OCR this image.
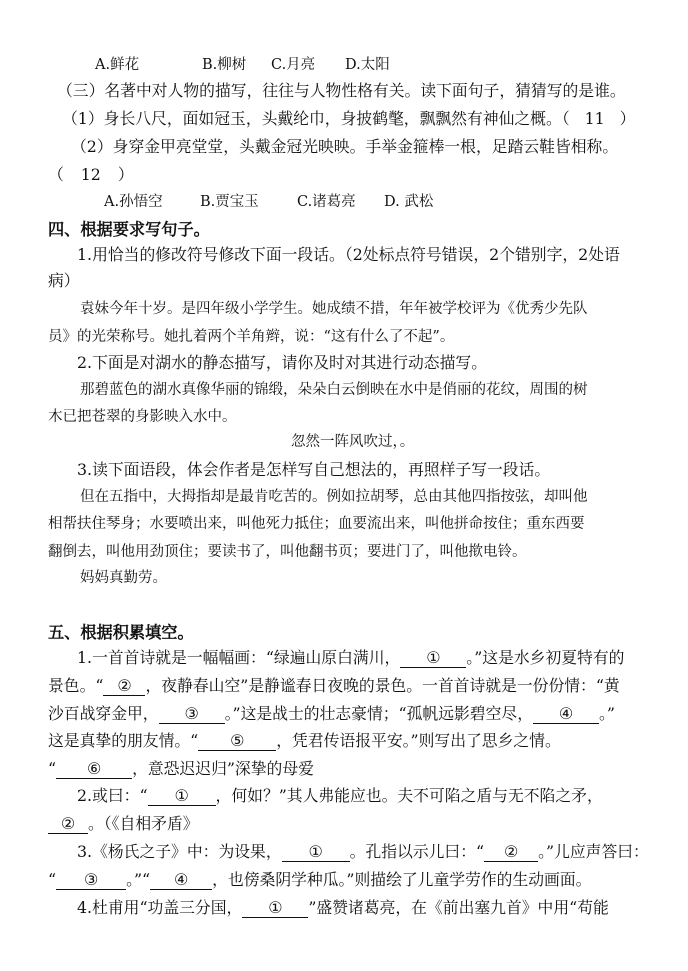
A.鲜花	B.柳树 C.月亮 D.太阳
（三）名著中对人物的描写，往往与人物性格有关。读下面句子，猜猜写的是谁。
（1）身长八尺，面如冠玉，头戴纶巾，身披鹤氅，飘飘然有神仙之概。（ 11 ）
（2）身穿金甲亮堂堂，头戴金冠光映映。手举金箍棒一根，足踏云鞋皆相称。
（ 12 ）
A.孙悟空	B.贾宝玉	C.诸葛亮 D. 武松
四、根据要求写句子。
1.用恰当的修改符号修改下面一段话。（2处标点符号错误，2个错别字，2处语
病）
袁妹今年十岁。是四年级小学学生。她成绩不措，年年被学校评为《优秀少先队
员》的光荣称号。她扎着两个羊角辫，说：“这有什么了不起”。
2.下面是对湖水的静态描写，请你及时对其进行动态描写。
那碧蓝色的湖水真像华丽的锦缎，朵朵白云倒映在水中是俏丽的花纹，周围的树
木已把苍翠的身影映入水中。
忽然一阵风吹过，。
3.读下面语段，体会作者是怎样写自己想法的，再照样子写一段话。
但在五指中，大拇指却是最肯吃苦的。例如拉胡琴，总由其他四指按弦，却叫他
相帮扶住琴身；水要喷出来，叫他死力抵住；血要流出来，叫他拼命按住；重东西要
翻倒去，叫他用劲顶住；要读书了，叫他翻书页；要进门了，叫他揿电铃。
妈妈真勤劳。
五、根据积累填空。
1.一首首诗就是一幅幅画：“绿遍山原白满川， ① 。”这是水乡初夏特有的
景色。“ ② ，夜静春山空”是静谧春日夜晚的景色。一首首诗就是一份份情：“黄
沙百战穿金甲， ③ 。”这是战士的壮志豪情；“孤帆远影碧空尽， ④ 。”
这是真挚的朋友情。“ ⑤ ，凭君传语报平安。”则写出了思乡之情。
“ ⑥ ，意恐迟迟归”深挚的母爱
2.或曰：“ ① ，何如？”其人弗能应也。夫不可陷之盾与无不陷之矛，
② 。（《自相矛盾》
3.《杨氏之子》中：为设果， ① 。孔指以示儿曰：“ ② 。”儿应声答曰：
“ ③ 。”“ ④ ，也傍桑阴学种瓜。”则描绘了儿童学劳作的生动画面。
4.杜甫用“功盖三分国， ① ”盛赞诸葛亮，在《前出塞九首》中用“苟能
